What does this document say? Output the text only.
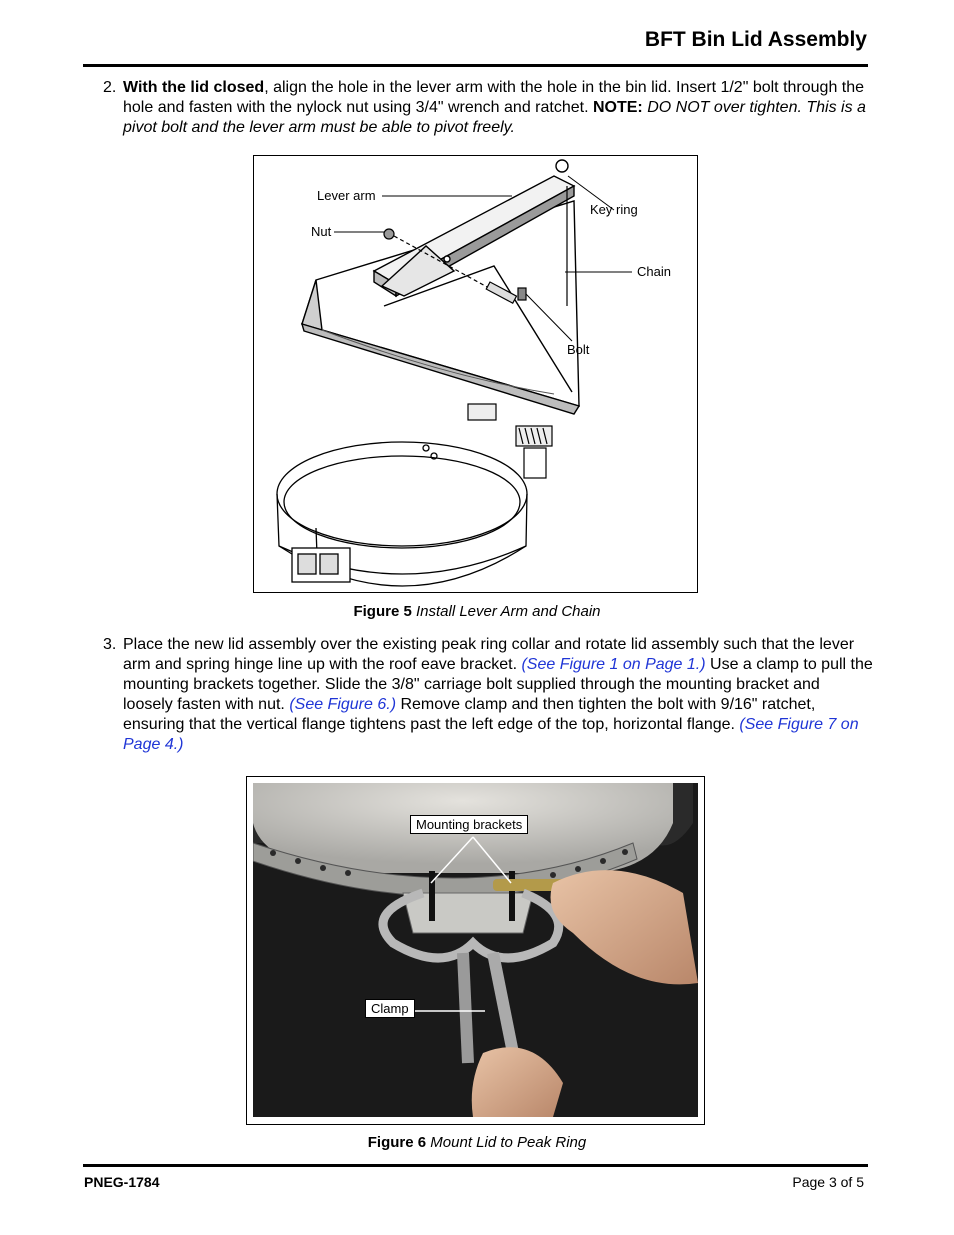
BFT Bin Lid Assembly
2. With the lid closed, align the hole in the lever arm with the hole in the bin lid. Insert 1/2" bolt through the hole and fasten with the nylock nut using 3/4" wrench and ratchet. NOTE: DO NOT over tighten. This is a pivot bolt and the lever arm must be able to pivot freely.
Lever arm
Nut
Key ring
Chain
Bolt
Figure 5 Install Lever Arm and Chain
3. Place the new lid assembly over the existing peak ring collar and rotate lid assembly such that the lever arm and spring hinge line up with the roof eave bracket. (See Figure 1 on Page 1.) Use a clamp to pull the mounting brackets together. Slide the 3/8" carriage bolt supplied through the mounting bracket and loosely fasten with nut. (See Figure 6.) Remove clamp and then tighten the bolt with 9/16" ratchet, ensuring that the vertical flange tightens past the left edge of the top, horizontal flange. (See Figure 7 on Page 4.)
Mounting brackets
Clamp
Figure 6 Mount Lid to Peak Ring
PNEG-1784	Page 3 of 5
